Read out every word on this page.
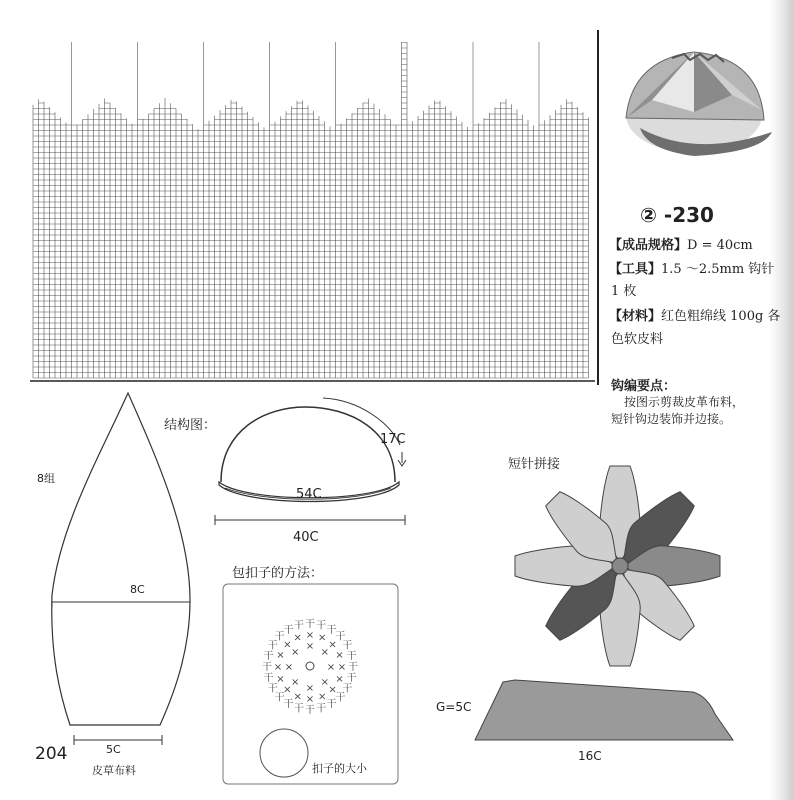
② -230
【成品规格】D = 40cm
【工具】1.5 ～2.5mm 钩针
1 枚
【材料】红色粗绵线 100g 各
色软皮料
钩编要点：
按图示剪裁皮革布料，
短针钩边装饰并边接。
8组
8C
5C
皮草布料
204
结构图：
17C
54C
40C
包扣子的方法：
×
×
×
×
×
×
×
×
×
×
×
×
×
×
×
×
×
×
×
× × ×
×
×
干
干
干
干
干
干
干
干
干
干
干
干
干
干
干
干
干 干 干 干 干
干
干
干
扣子的大小
短针拼接
G=5C
16C
